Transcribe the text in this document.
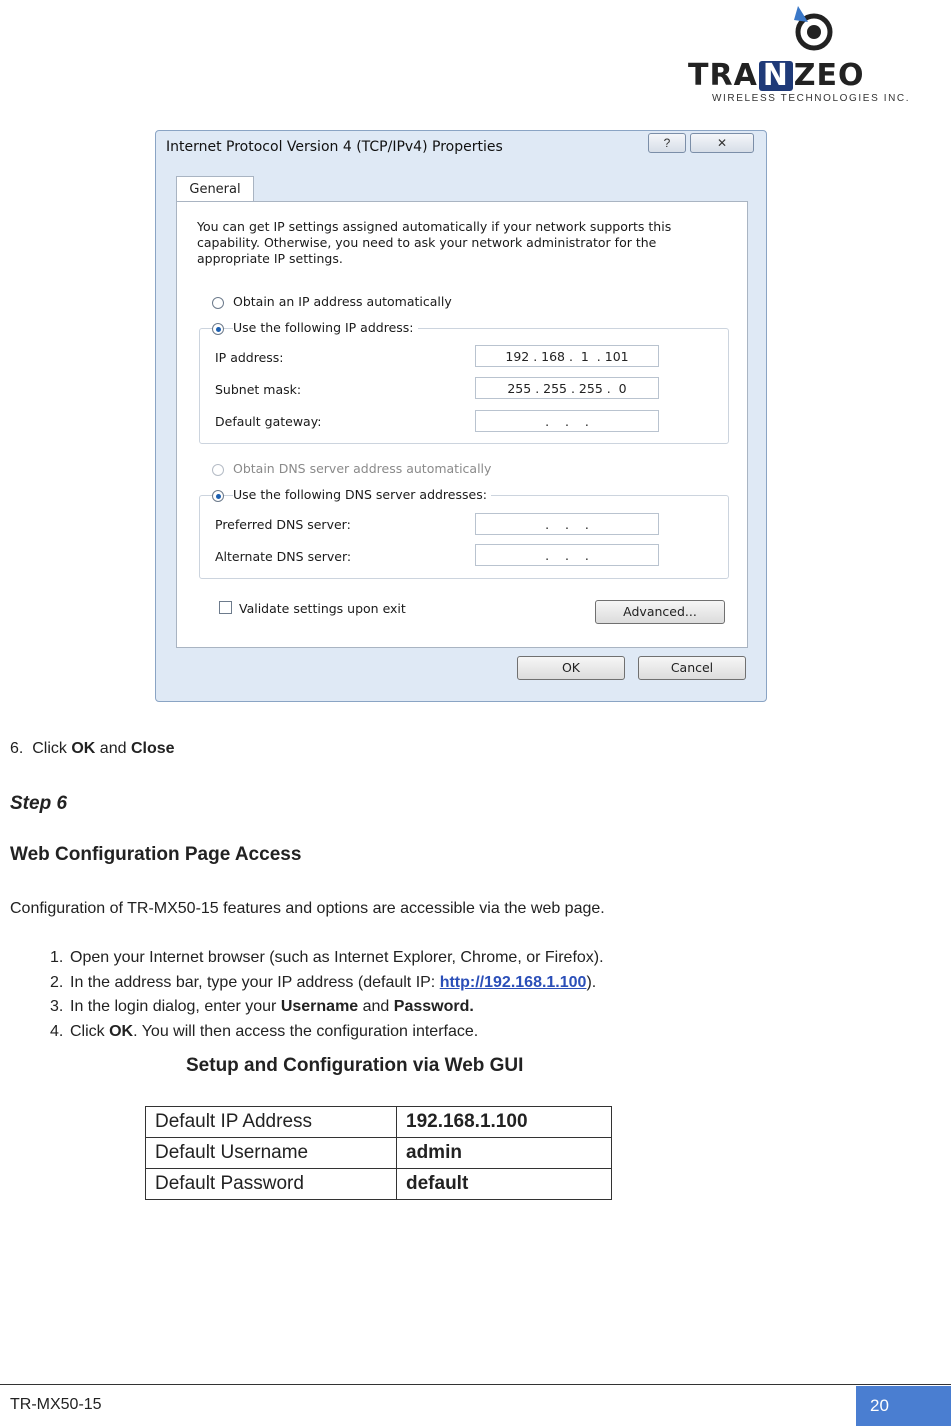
TRA N ZEO
WIRELESS TECHNOLOGIES INC.
Internet Protocol Version 4 (TCP/IPv4) Properties	?	✕
General
You can get IP settings assigned automatically if your network supports this capability. Otherwise, you need to ask your network administrator for the appropriate IP settings.
Obtain an IP address automatically
Use the following IP address:
IP address:	192 . 168 .  1  . 101
Subnet mask:	255 . 255 . 255 .  0
Default gateway:	.    .    .
Obtain DNS server address automatically
Use the following DNS server addresses:
Preferred DNS server:	.    .    .
Alternate DNS server:	.    .    .
Validate settings upon exit	Advanced...
OK	Cancel
6.  Click OK and Close
Step 6
Web Configuration Page Access
Configuration of TR-MX50-15 features and options are accessible via the web page.
1. Open your Internet browser (such as Internet Explorer, Chrome, or Firefox).
2. In the address bar, type your IP address (default IP: http://192.168.1.100).
3. In the login dialog, enter your Username and Password.
4. Click OK. You will then access the configuration interface.
Setup and Configuration via Web GUI
Default IP Address	192.168.1.100
Default Username	admin
Default Password	default
TR-MX50-15	20
